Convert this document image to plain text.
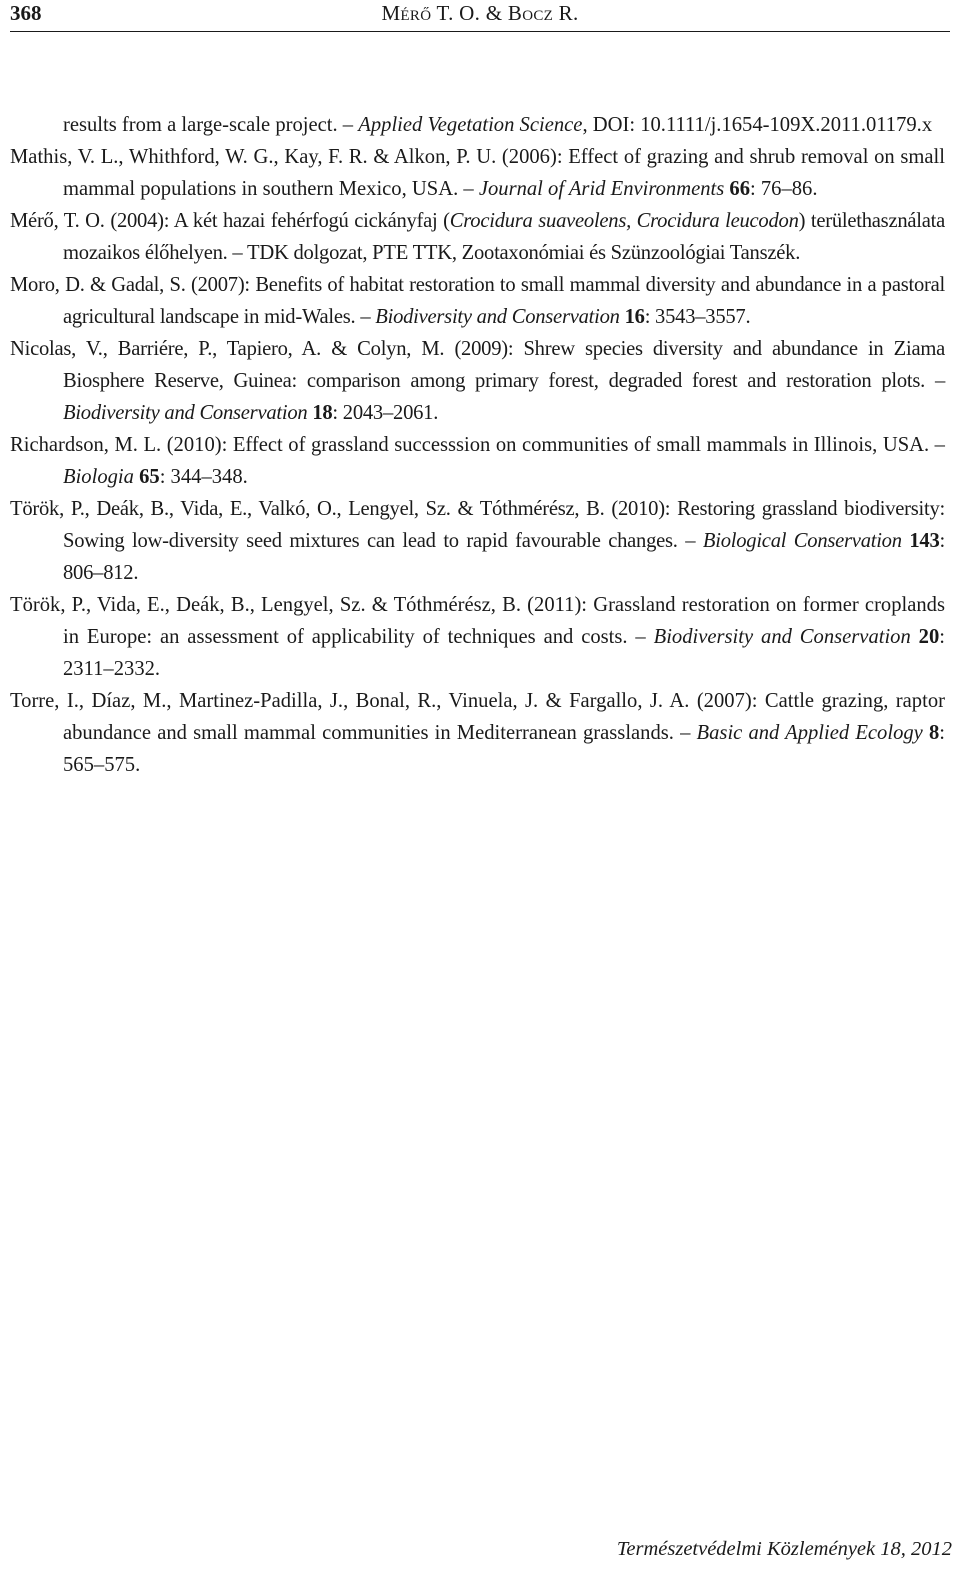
368	Mérő T. O. & Bocz R.
results from a large-scale project. – Applied Vegetation Science, DOI: 10.1111/j.1654-109X.2011.01179.x
Mathis, V. L., Whithford, W. G., Kay, F. R. & Alkon, P. U. (2006): Effect of grazing and shrub removal on small mammal populations in southern Mexico, USA. – Journal of Arid Environments 66: 76–86.
Mérő, T. O. (2004): A két hazai fehérfogú cickányfaj (Crocidura suaveolens, Crocidura leucodon) területhasználata mozaikos élőhelyen. – TDK dolgozat, PTE TTK, Zootaxonómiai és Szünzoológiai Tanszék.
Moro, D. & Gadal, S. (2007): Benefits of habitat restoration to small mammal diversity and abundance in a pastoral agricultural landscape in mid-Wales. – Biodiversity and Conservation 16: 3543–3557.
Nicolas, V., Barriére, P., Tapiero, A. & Colyn, M. (2009): Shrew species diversity and abundance in Ziama Biosphere Reserve, Guinea: comparison among primary forest, degraded forest and restoration plots. – Biodiversity and Conservation 18: 2043–2061.
Richardson, M. L. (2010): Effect of grassland successsion on communities of small mammals in Illinois, USA. – Biologia 65: 344–348.
Török, P., Deák, B., Vida, E., Valkó, O., Lengyel, Sz. & Tóthmérész, B. (2010): Restoring grassland biodiversity: Sowing low-diversity seed mixtures can lead to rapid favourable changes. – Biological Conservation 143: 806–812.
Török, P., Vida, E., Deák, B., Lengyel, Sz. & Tóthmérész, B. (2011): Grassland restoration on former croplands in Europe: an assessment of applicability of techniques and costs. – Biodiversity and Conservation 20: 2311–2332.
Torre, I., Díaz, M., Martinez-Padilla, J., Bonal, R., Vinuela, J. & Fargallo, J. A. (2007): Cattle grazing, raptor abundance and small mammal communities in Mediterranean grasslands. – Basic and Applied Ecology 8: 565–575.
Természetvédelmi Közlemények 18, 2012
